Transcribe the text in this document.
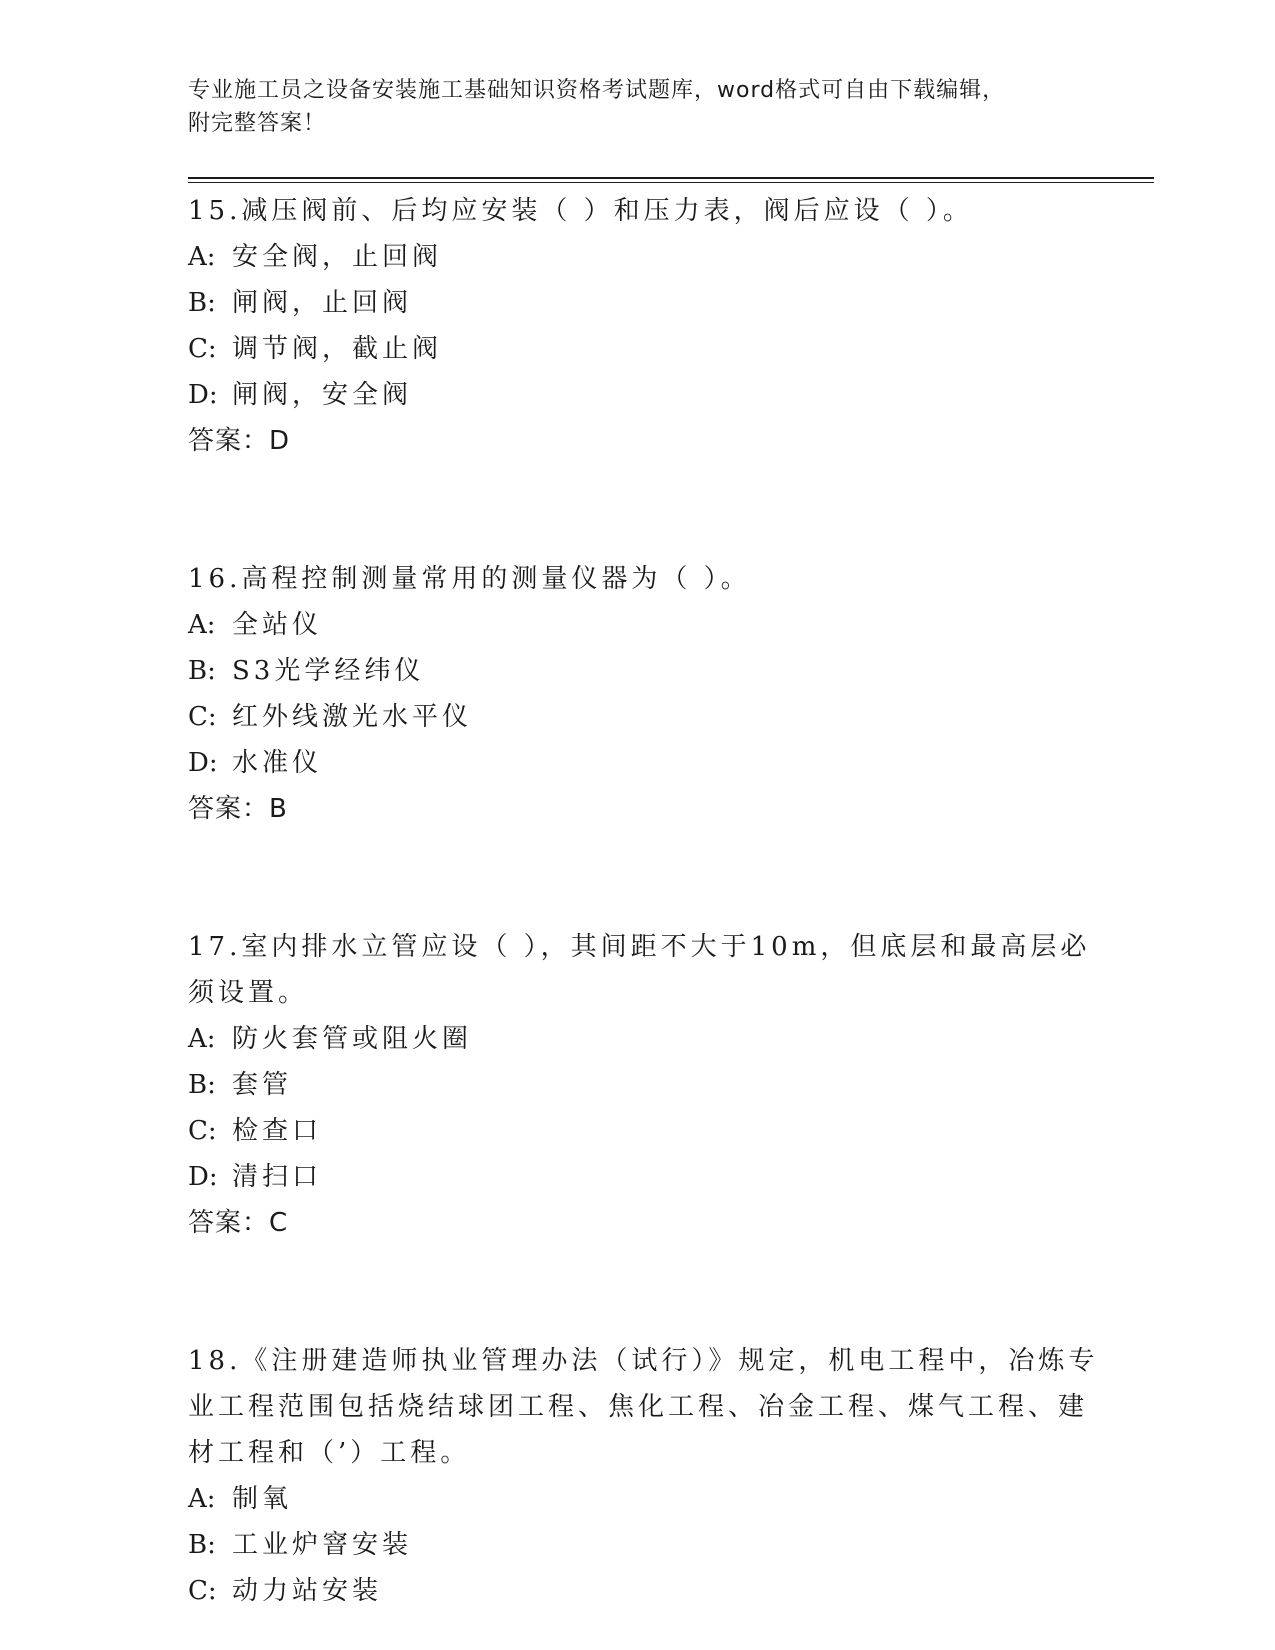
专业施工员之设备安装施工基础知识资格考试题库，word格式可自由下载编辑，
附完整答案！

15.减压阀前、后均应安装（ ）和压力表，阀后应设（ ）。

A: 安全阀，止回阀

B: 闸阀，止回阀

C: 调节阀，截止阀

D: 闸阀，安全阀

答案：D

16.高程控制测量常用的测量仪器为（ ）。

A: 全站仪

B: S3光学经纬仪

C: 红外线激光水平仪

D: 水准仪

答案：B

17.室内排水立管应设（ ），其间距不大于10m，但底层和最高层必须设置。

A: 防火套管或阻火圈

B: 套管

C: 检查口

D: 清扫口

答案：C

18.《注册建造师执业管理办法（试行）》规定，机电工程中，冶炼专业工程范围包括烧结球团工程、焦化工程、冶金工程、煤气工程、建材工程和（’）工程。

A: 制氧

B: 工业炉窨安装

C: 动力站安装
